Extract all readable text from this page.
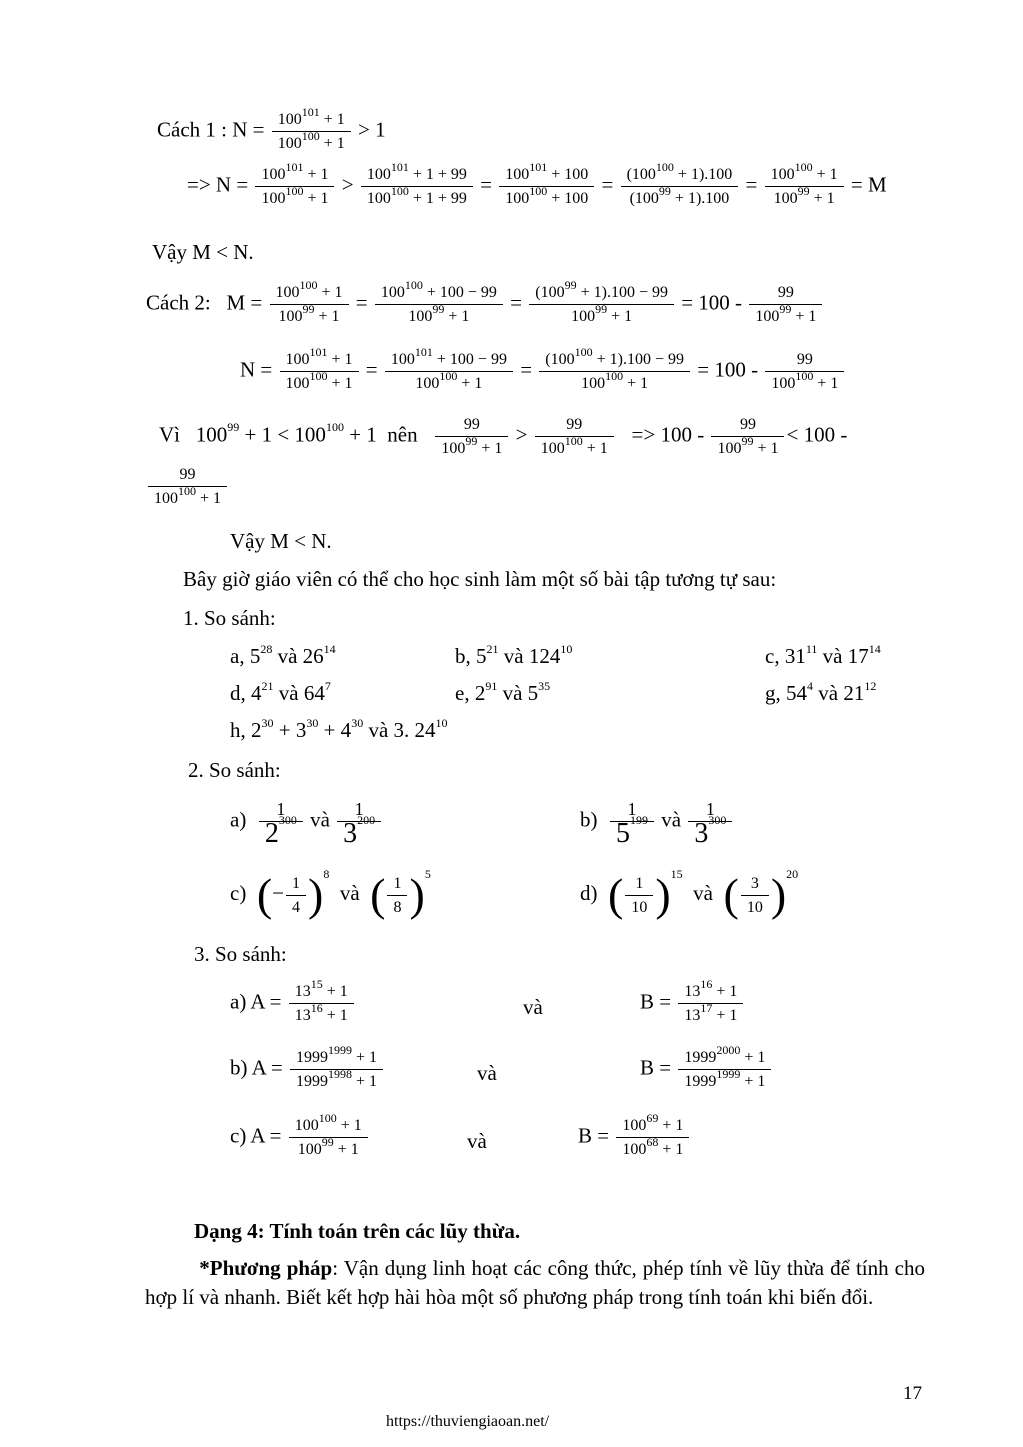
Cách 1 : $N = \frac{100^{101} + 1}{100^{100} + 1} > 1$
=> $N = \frac{100^{101} + 1}{100^{100} + 1} > \frac{100^{101} + 1 + 99}{100^{100} + 1 + 99} = \frac{100^{101} + 100}{100^{100} + 100} = \frac{(100^{100} + 1).100}{(100^{99} + 1).100} = \frac{100^{100} + 1}{100^{99} + 1} = M$
Vậy M < N.
Cách 2: $M = \frac{100^{100} + 1}{100^{99} + 1} = \frac{100^{100} + 100 - 99}{100^{99} + 1} = \frac{(100^{99} + 1).100 - 99}{100^{99} + 1} = 100 - \frac{99}{100^{99} + 1}$
$N = \frac{100^{101} + 1}{100^{100} + 1} = \frac{100^{101} + 100 - 99}{100^{100} + 1} = \frac{(100^{100} + 1).100 - 99}{100^{100} + 1} = 100 - \frac{99}{100^{100} + 1}$
Vì $100^{99} + 1 < 100^{100} + 1$ nên $\frac{99}{100^{99} + 1} > \frac{99}{100^{100} + 1} => 100 - \frac{99}{100^{99} + 1} < 100$ -
$\frac{99}{100^{100} + 1}$
Vậy M < N.
Bây giờ giáo viên có thể cho học sinh làm một số bài tập tương tự sau:
1. So sánh:
a, $5^{28}$ và $26^{14}$	b, $5^{21}$ và $124^{10}$	c, $31^{11}$ và $17^{14}$
d, $4^{21}$ và $64^7$	e, $2^{91}$ và $5^{35}$	g, $54^4$ và $21^{12}$
h, $2^{30} + 3^{30} + 4^{30}$ và 3. $24^{10}$
2. So sánh:
$a) \frac{1}{2^{300}}$ và $\frac{1}{3^{200}}$	$b) \frac{1}{5^{199}}$ và $\frac{1}{3^{300}}$
c) (− $\frac{1}{4} )^8$  và ( $\frac{1}{8} )^5$
d) ( $\frac{1}{10} )^{15}$  và ( $\frac{3}{10} )^{20}$
3. So sánh:
a) $A = \frac{13^{15} + 1}{13^{16} + 1}$	và	$B = \frac{13^{16} + 1}{13^{17} + 1}$
b) $A = \frac{1999^{1999} + 1}{1999^{1998} + 1}$	và	$B = \frac{1999^{2000} + 1}{1999^{1999} + 1}$
c) $A = \frac{100^{100} + 1}{100^{99} + 1}$	và	$B = \frac{100^{69} + 1}{100^{68} + 1}$
Dạng 4: Tính toán trên các lũy thừa.
*Phương pháp: Vận dụng linh hoạt các công thức, phép tính về lũy thừa để tính cho hợp lí và nhanh. Biết kết hợp hài hòa một số phương pháp trong tính toán khi biến đổi.
17
https://thuviengiaoan.net/
